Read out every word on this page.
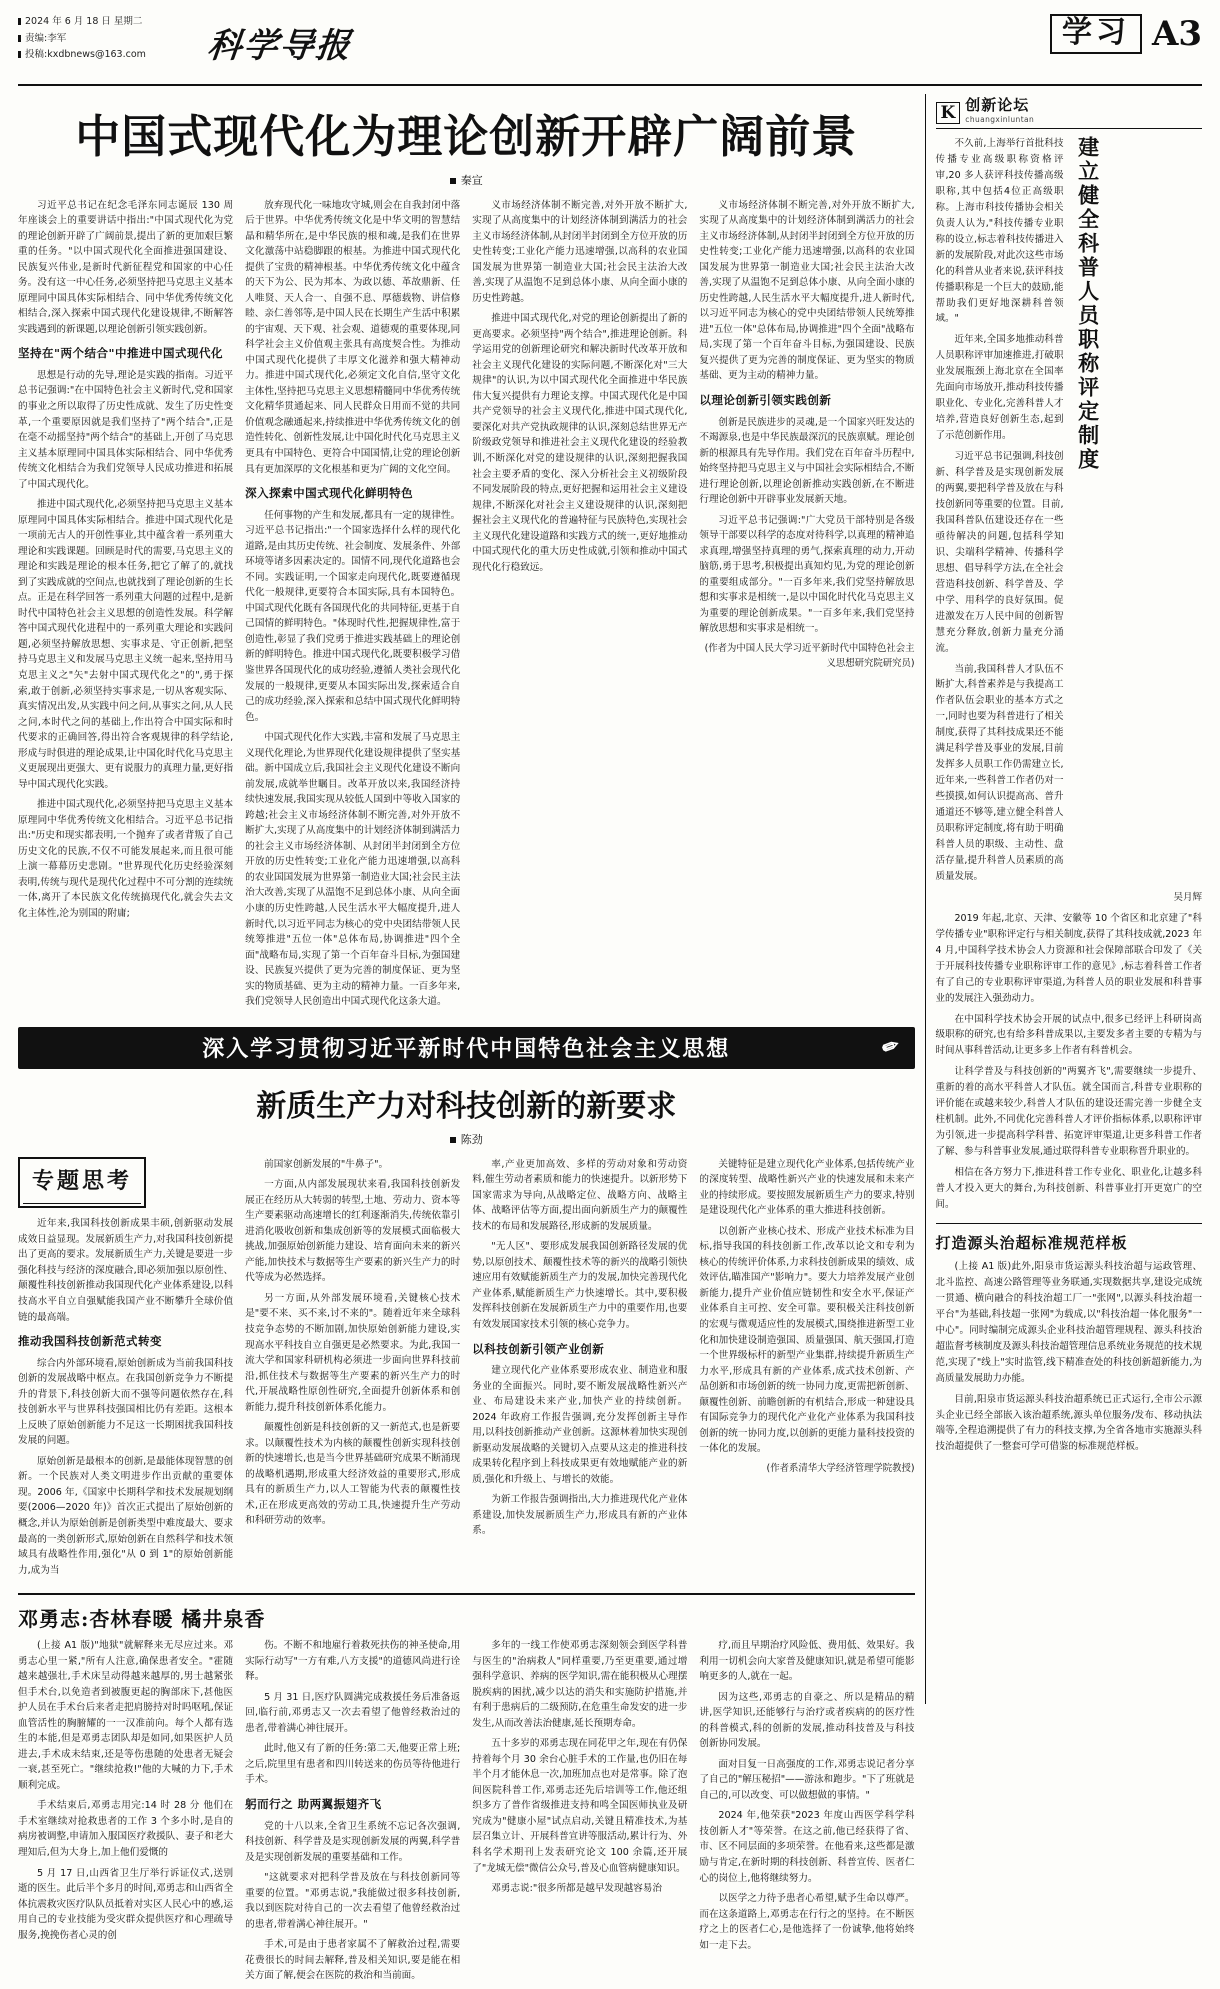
2024 年 6 月 18 日 星期二
责编:李军
投稿:kxdbnews@163.com	科学导报	学习 A3
中国式现代化为理论创新开辟广阔前景
秦宣

习近平总书记在纪念毛泽东同志诞辰 130 周年座谈会上的重要讲话中指出:"中国式现代化为党的理论创新开辟了广阔前景,提出了新的更加艰巨繁重的任务。"以中国式现代化全面推进强国建设、民族复兴伟业,是新时代新征程党和国家的中心任务。没有这一中心任务,必须坚持把马克思主义基本原理同中国具体实际相结合、同中华优秀传统文化相结合,深入探索中国式现代化建设规律,不断解答实践遇到的新课题,以理论创新引领实践创新。

坚持在"两个结合"中推进中国式现代化

思想是行动的先导,理论是实践的指南。习近平总书记强调:"在中国特色社会主义新时代,党和国家的事业之所以取得了历史性成就、发生了历史性变革,一个重要原因就是我们坚持了"两个结合",正是在毫不动摇坚持"两个结合"的基础上,开创了马克思主义基本原理同中国具体实际相结合、同中华优秀传统文化相结合为我们党领导人民成功推进和拓展了中国式现代化。

推进中国式现代化,必须坚持把马克思主义基本原理同中国具体实际相结合。推进中国式现代化是一项前无古人的开创性事业,其中蕴含着一系列重大理论和实践课题。回顾是时代的需要,马克思主义的理论和实践是理论的根本任务,把它了解了的,就找到了实践成就的空间点,也就找到了理论创新的生长点。正是在科学回答一系列重大问题的过程中,是新时代中国特色社会主义思想的创造性发展。科学解答中国式现代化进程中的一系列重大理论和实践问题,必须坚持解放思想、实事求是、守正创新,把坚持马克思主义和发展马克思主义统一起来,坚持用马克思主义之"矢"去射中国式现代化之"的",勇于探索,敢于创新,必须坚持实事求是,一切从客观实际、真实情况出发,从实践中问之问,从事实之问,从人民之问,本时代之问的基础上,作出符合中国实际和时代要求的正确回答,得出符合客观规律的科学结论,形成与时俱进的理论成果,让中国化时代化马克思主义更展现出更强大、更有说服力的真理力量,更好指导中国式现代化实践。

推进中国式现代化,必须坚持把马克思主义基本原理同中华优秀传统文化相结合。习近平总书记指出:"历史和现实都表明,一个抛弃了或者背叛了自己历史文化的民族,不仅不可能发展起来,而且很可能上演一幕幕历史悲剧。"世界现代化历史经验深刻表明,传统与现代是现代化过程中不可分割的连续统一体,离开了本民族文化传统搞现代化,就会失去文化主体性,沦为别国的附庸;

放弃现代化一味地攻守城,则会在自我封闭中落后于世界。中华优秀传统文化是中华文明的智慧结晶和精华所在,是中华民族的根和魂,是我们在世界文化激荡中站稳脚跟的根基。为推进中国式现代化提供了宝贵的精神根基。中华优秀传统文化中蕴含的天下为公、民为邦本、为政以德、革故鼎新、任人唯贤、天人合一、自强不息、厚德载物、讲信修睦、亲仁善邻等,是中国人民在长期生产生活中积累的宇宙观、天下观、社会观、道德观的重要体现,同科学社会主义价值观主张具有高度契合性。为推动中国式现代化提供了丰厚文化滋养和强大精神动力。推进中国式现代化,必须定文化自信,坚守文化主体性,坚持把马克思主义思想精髓同中华优秀传统文化精华贯通起来、同人民群众日用而不觉的共同价值观念融通起来,持续推进中华优秀传统文化的创造性转化、创新性发展,让中国化时代化马克思主义更具有中国特色、更符合中国国情,让党的理论创新具有更加深厚的文化根基和更为广阔的文化空间。

深入探索中国式现代化鲜明特色

任何事物的产生和发展,都具有一定的规律性。习近平总书记指出:"一个国家选择什么样的现代化道路,是由其历史传统、社会制度、发展条件、外部环境等诸多因素决定的。国情不同,现代化道路也会不同。实践证明,一个国家走向现代化,既要遵循现代化一般规律,更要符合本国实际,具有本国特色。中国式现代化既有各国现代化的共同特征,更基于自己国情的鲜明特色。"体现时代性,把握规律性,富于创造性,彰显了我们党勇于推进实践基础上的理论创新的鲜明特色。推进中国式现代化,既要积极学习借鉴世界各国现代化的成功经验,遵循人类社会现代化发展的一般规律,更要从本国实际出发,探索适合自己的成功经验,深入探索和总结中国式现代化鲜明特色。

中国式现代化作大实践,丰富和发展了马克思主义现代化理论,为世界现代化建设规律提供了坚实基础。新中国成立后,我国社会主义现代化建设不断向前发展,成就举世瞩目。改革开放以来,我国经济持续快速发展,我国实现从较低人国到中等收入国家的跨越;社会主义市场经济体制不断完善,对外开放不断扩大,实现了从高度集中的计划经济体制到满活力的社会主义市场经济体制、从封闭半封闭到全方位开放的历史性转变;工业化产能力迅速增强,以高科的农业国国发展为世界第一制造业大国;社会民主法治大改善,实现了从温饱不足到总体小康、从向全面小康的历史性跨越,人民生活水平大幅度提升,进人新时代,以习近平同志为核心的党中央团结带领人民统筹推进"五位一体"总体布局,协调推进"四个全面"战略布局,实现了第一个百年奋斗目标,为强国建设、民族复兴提供了更为完善的制度保证、更为坚实的物质基础、更为主动的精神力量。一百多年来,我们党领导人民创造出中国式现代化这条大道。

义市场经济体制不断完善,对外开放不断扩大,实现了从高度集中的计划经济体制到满活力的社会主义市场经济体制,从封闭半封闭到全方位开放的历史性转变;工业化产能力迅速增强,以高科的农业国国发展为世界第一制造业大国;社会民主法治大改善,实现了从温饱不足到总体小康、从向全面小康的历史性跨越。

推进中国式现代化,对党的理论创新提出了新的更高要求。必须坚持"两个结合",推进理论创新。科学运用党的创新理论研究和解决新时代改革开放和社会主义现代化建设的实际问题,不断深化对"三大规律"的认识,为以中国式现代化全面推进中华民族伟大复兴提供有力理论支撑。中国式现代化是中国共产党领导的社会主义现代化,推进中国式现代化,要深化对共产党执政规律的认识,深刻总结世界无产阶级政党领导和推进社会主义现代化建设的经验教训,不断深化对党的建设规律的认识,深刻把握我国社会主要矛盾的变化、深入分析社会主义初级阶段不同发展阶段的特点,更好把握和运用社会主义建设规律,不断深化对社会主义建设规律的认识,深刻把握社会主义现代化的普遍特征与民族特色,实现社会主义现代化建设道路和实践方式的统一,更好地推动中国式现代化的重大历史性成就,引领和推动中国式现代化行稳致远。

义市场经济体制不断完善,对外开放不断扩大,实现了从高度集中的计划经济体制到满活力的社会主义市场经济体制,从封闭半封闭到全方位开放的历史性转变;工业化产能力迅速增强,以高科的农业国国发展为世界第一制造业大国;社会民主法治大改善,实现了从温饱不足到总体小康、从向全面小康的历史性跨越,人民生活水平大幅度提升,进人新时代,以习近平同志为核心的党中央团结带领人民统筹推进"五位一体"总体布局,协调推进"四个全面"战略布局,实现了第一个百年奋斗目标,为强国建设、民族复兴提供了更为完善的制度保证、更为坚实的物质基础、更为主动的精神力量。

以理论创新引领实践创新

创新是民族进步的灵魂,是一个国家兴旺发达的不竭源泉,也是中华民族最深沉的民族禀赋。理论创新的根源具有先导作用。我们党在百年奋斗历程中,始终坚持把马克思主义与中国社会实际相结合,不断进行理论创新,以理论创新推动实践创新,在不断进行理论创新中开辟事业发展新天地。

习近平总书记强调:"广大党员干部特别是各级领导干部要以科学的态度对待科学,以真理的精神追求真理,增强坚持真理的勇气,探索真理的动力,开动脑筋,勇于思考,积极提出真知灼见,为党的理论创新的重要组成部分。"一百多年来,我们党坚持解放思想和实事求是相统一,是以中国化时代化马克思主义为重要的理论创新成果。"一百多年来,我们党坚持解放思想和实事求是相统一。

(作者为中国人民大学习近平新时代中国特色社会主义思想研究院研究员)

深入学习贯彻习近平新时代中国特色社会主义思想	✏
新质生产力对科技创新的新要求
陈劲
专题思考

近年来,我国科技创新成果丰硕,创新驱动发展成效日益显现。发展新质生产力,对我国科技创新提出了更高的要求。发展新质生产力,关键是要进一步强化科技与经济的深度融合,即必须加强以原创性、颠覆性科技创新推动我国现代化产业体系建设,以科技高水平自立自强赋能我国产业不断攀升全球价值链的最高端。

推动我国科技创新范式转变

综合内外部环境看,原始创新成为当前我国科技创新的发展战略中枢点。在我国创新竞争力不断提升的背景下,科技创新大而不强等问题依然存在,科技创新水平与世界科技强国相比仍有差距。这根本上反映了原始创新能力不足这一长期困扰我国科技发展的问题。

原始创新是最根本的创新,是最能体现智慧的创新。一个民族对人类文明进步作出贡献的重要体现。2006 年,《国家中长期科学和技术发展规划纲要(2006—2020 年)》首次正式提出了原始创新的概念,并认为原始创新是创新类型中难度最大、要求最高的一类创新形式,原始创新在自然科学和技术领域具有战略性作用,强化"从 0 到 1"的原始创新能力,成为当

前国家创新发展的"牛鼻子"。

一方面,从内部发展现状来看,我国科技创新发展正在经历从大转弱的转型,土地、劳动力、资本等生产要素驱动高速增长的红利逐渐消失,传统依靠引进消化吸收创新和集成创新等的发展模式面临极大挑战,加强原始创新能力建设、培育面向未来的新兴产能,加快技术与数据等生产要素的新兴生产力的时代等成为必然选择。

另一方面,从外部发展环境看,关键核心技术是"要不来、买不来,讨不来的"。随着近年来全球科技竞争态势的不断加剧,加快原始创新能力建设,实现高水平科技自立自强更是必然要求。为此,我国一流大学和国家科研机构必须进一步面向世界科技前沿,抓住技术与数据等生产要素的新兴生产力的时代,开展战略性原创性研究,全面提升创新体系和创新能力,提升科技创新体系化能力。

颠覆性创新是科技创新的又一新范式,也是新要求。以颠覆性技术为内核的颠覆性创新实现科技创新的快速增长,也是当今世界基础研究成果不断涌现的战略机遇期,形成重大经济效益的重要形式,形成具有的新质生产力,以人工智能为代表的颠覆性技术,正在形成更高效的劳动工具,快速提升生产劳动和科研劳动的效率。

率,产业更加高效、多样的劳动对象和劳动资料,催生劳动者素质和能力的快速提升。以新形势下国家需求为导向,从战略定位、战略方向、战略主体、战略评估等方面,提出面向新质生产力的颠覆性技术的布局和发展路径,形成新的发展质量。

"无人区"、要形成发展我国创新路径发展的优势,以原创技术、颠覆性技术等的新兴的战略引领快速应用有效赋能新质生产力的发展,加快完善现代化产业体系,赋能新质生产力快速增长。其中,要积极发挥科技创新在发展新质生产力中的重要作用,也要有效发展国家技术引领的核心竞争力。

以科技创新引领产业创新

建立现代化产业体系要形成农业、制造业和服务业的全面振兴。同时,要不断发展战略性新兴产业、布局建设未来产业,加快产业的持续创新。2024 年政府工作报告强调,充分发挥创新主导作用,以科技创新推动产业创新。这源林着加快实现创新驱动发展战略的关键切入点要从这走的推进科技成果转化程序到上科技成果更有效地赋能产业的新质,强化和升级上、与增长的效能。

为新工作报告强调指出,大力推进现代化产业体系建设,加快发展新质生产力,形成具有新的产业体系。

关键特征是建立现代化产业体系,包括传统产业的深度转型、战略性新兴产业的快速发展和未来产业的持续形成。要按照发展新质生产力的要求,特别是建设现代化产业体系的重大推进科技创新。

以创新产业核心技术、形成产业技术标准为目标,指导我国的科技创新工作,改革以论文和专利为核心的传统评价体系,力求科技创新成果的绩效、成效评估,瞄准国产"影响力"。要大力培养发展产业创新能力,提升产业价值应链韧性和安全水平,保证产业体系自主可控、安全可靠。要积极关注科技创新的宏观与微观适应性的发展模式,围绕推进新型工业化和加快建设制造强国、质量强国、航天强国,打造一个世界级标杆的新型产业集群,持续提升新质生产力水平,形成具有新的产业体系,成式技术创新、产品创新和市场创新的统一协同力度,更需把新创新、颠覆性创新、前瞻创新的有机结合,形成一种建设具有国际竞争力的现代化产业化产业体系为我国科技创新的统一协同力度,以创新的更能力量科技投资的一体化的发展。

(作者系清华大学经济管理学院教授)

邓勇志:杏林春暖 橘井泉香

(上接 A1 版)"地狱"就解释来无尽应过来。邓勇志心里一紧,"所有人注意,确保患者安全。"霍随越来越强壮,手术床呈动得越来越厚的,男士越紧张但手术台,以免造者到被腹更起的胸部床下,甚他医护人员在手术台后来者走把肩膀持对时吗呕吼,保证血管活性的胸腑耀的一一汉准前向。每个人都有选生的本能,但是邓勇志团队却是如同,如果医护人员进去,手术成未结束,还是等伤患随的处患者无疑会一衰,甚至死亡。"继续抢救!"他的大喊的力下,手术顺利完成。

手术结束后,邓勇志用完:14 时 28 分 他们在手术室继续对抢救患者的工作 3 个多小时,是自的病房被调整,申请加入服国医疗救援队、妻子和老大理知后,但为大身上,加上他们爱慨的

5 月 17 日,山西省卫生厅举行诉证仪式,送别逝的医生。此后半个多月的时间,邓勇志和山西省全体抗震救灾医疗队队员抵着对实区人民心中的感,运用自己的专业技能为受灾群众提供医疗和心理疏导服务,挽挽伤者心灵的创

伤。不断不和地雇行着救死扶伤的神圣使命,用实际行动写"一方有难,八方支援"的道德风尚进行诠释。

5 月 31 日,医疗队圆满完成救援任务后准备返回,临行前,邓勇志又一次去看望了他曾经救治过的患者,带着满心神往展开。

此时,他又有了新的任务:第二天,他要正常上班;之后,院里里有患者和四川转送来的伤员等待他进行手术。

躬而行之 助两翼振翅齐飞

党的十八以来,全省卫生系统不忘记各次强调,科技创新、科学普及是实现创新发展的两翼,科学普及是实现创新发展的重要基础和工作。

"这就要求对把科学普及放在与科技创新同等重要的位置。"邓勇志说,"我能做过很多科技创新,我以到医院对待自己的一次去看望了他曾经救治过的患者,带着满心神往展开。"

手术,可是由于患者家属不了解救治过程,需要花费很长的时间去解释,普及相关知识,要是能在相关方面了解,便会在医院的救治和当前面。

多年的一线工作使邓勇志深刻领会到医学科普与医生的"治病救人"同样重要,乃至更重要,通过增强科学意识、养病的医学知识,需在能积极从心理摆脱疾病的困扰,减少以达的消失和实施防护措施,并有利于患病后的二级预防,在危重生命发安的进一步发生,从而改善法治健康,延长预期寿命。

五十多岁的邓勇志现在同花甲之年,现在有仍保持着每个月 30 余台心脏手术的工作量,也仍旧在每半个月才能休息一次,加班加点也对是常事。除了泡间医院科普工作,邓勇志还先后培训等工作,他还组织多方了普作省级推进支持和鸣全国医师执业及研究成为"健康小屋"试点启动,关键且精准技术,为基层召集立计、开展科普宣讲等服活动,累计行为、外科名学术期刊上发表研究论文 100 余篇,还开展了"龙城无偿"微信公众号,普及心血管病健康知识。

邓勇志说:"很多所都是越早发现越容易治

疗,而且早期治疗风险低、费用低、效果好。我利用一切机会向大家普及健康知识,就是希望可能影响更多的人,就在一起。

因为这些,邓勇志的自豪之、所以是精品的精讲,医学知识,还能够行与治疗或者疾病的的医疗性的科普模式,科的创新的发展,推动科技普及与科技创新协同发展。

面对目复一日高强度的工作,邓勇志说记者分享了自己的"解压秘招"——游泳和跑步。"下了班就是自己的,可以改变、可以做想做的事情。"

2024 年,他荣获"2023 年度山西医学科学科技创新人才"等荣誉。在这之前,他已经获得了省、市、区不同层面的多项荣誉。在他看来,这些都是激励与肯定,在新时期的科技创新、科普宣传、医者仁心的岗位上,他将继续努力。

以医学之力待予患者心希望,赋予生命以尊严。而在这条道路上,邓勇志在行行之的坚持。在不断医疗之上的医者仁心,是他选择了一份诚挚,他将始终如一走下去。

K 创新论坛
chuangxinluntan

不久前,上海举行首批科技传播专业高级职称资格评审,20 多人获评科技传播高级职称,其中包括4位正高级职称。上海市科技传播协会相关负责人认为,"科技传播专业职称的设立,标志着科技传播进入新的发展阶段,对此次这些市场化的科普从业者来说,获评科技传播职称是一个巨大的鼓励,能帮助我们更好地深耕科普领域。"

近年来,全国多地推动科普人员职称评审加速推进,打破职业发展瓶颈上海北京在全国率先面向市场放开,推动科技传播职业化、专业化,完善科普人才培养,营造良好创新生态,起到了示范创新作用。

习近平总书记强调,科技创新、科学普及是实现创新发展的两翼,要把科学普及放在与科技创新同等重要的位置。目前,我国科普队伍建设还存在一些亟待解决的问题,包括科学知识、尖端科学精神、传播科学思想、倡导科学方法,在全社会营造科技创新、科学普及、学中学、用科学的良好氛围。促进激发在万人民中间的创新智慧充分释放,创新力量充分涌流。

当前,我国科普人才队伍不断扩大,科普素养是与我提高工作者队伍会职业的基本方式之一,同时也要为科普进行了相关制度,获得了其科技成果还不能满足科学普及事业的发展,目前发挥多人员职工作仍需建立长,近年来,一些科普工作者仍对一些摸摸,如何认识提高高、普升通道还不够等,建立健全科普人员职称评定制度,将有助于明确科普人员的职级、主动性、盘活存量,提升科普人员素质的高质量发展。

建立健全科普人员职称评定制度

吴月辉

2019 年起,北京、天津、安徽等 10 个省区和北京建了"科学传播专业"职称评定行与相关制度,获得了其科技成就,2023 年 4 月,中国科学技术协会人力资源和社会保障部联合印发了《关于开展科技传播专业职称评审工作的意见》,标志着科普工作者有了自己的专业职称评审渠道,为科普人员的职业发展和科普事业的发展注入强劲动力。

在中国科学技术协会开展的试点中,很多已经评上科研岗高级职称的研究,也有给多科普成果以,主要发多者主要的专精为与时间从事科普活动,让更多多上作者有科普机会。

让科学普及与科技创新的"两翼齐飞",需要继续一步提升、重新的着的高水平科普人才队伍。就全国而言,科普专业职称的评价能在或越来较少,科普人才队伍的建设还需完善一步健全支柱机制。此外,不同优化完善科普人才评价指标体系,以职称评审为引领,进一步提高科学科普、拓宽评审渠道,让更多科普工作者了解、参与科普事业发展,通过联得科普专业职称晋升职业的。

相信在各方努力下,推进科普工作专业化、职业化,让越多科普人才投入更大的舞台,为科技创新、科普事业打开更宽广的空间。

打造源头治超标准规范样板

(上接 A1 版)此外,阳泉市货运源头科技治超与运政管理、北斗监控、高速公路管理等业务联通,实现数据共享,建设完成统一贯通、横向融合的科技治超工厂一"张网",以源头科技治超一平台"为基础,科技超一张网"为载成,以"科技治超一体化服务"一中心"。同时编制完成源头企业科技治超管理规程、源头科技治超监督考核制度及源头科技治超管理信息系统业务规范的技术规范,实现了"线上"实时监管,线下精准查处的科技创新超新能力,为高质量发展助力办能。

目前,阳泉市货运源头科技治超系统已正式运行,全市公示源头企业已经全部嵌入该治超系统,源头单位服务/发布、移动执法端等,全程追溯提供了有力的科技支撑,为全省各地市实施源头科技治超提供了一整套可学可借鉴的标准规范样板。
